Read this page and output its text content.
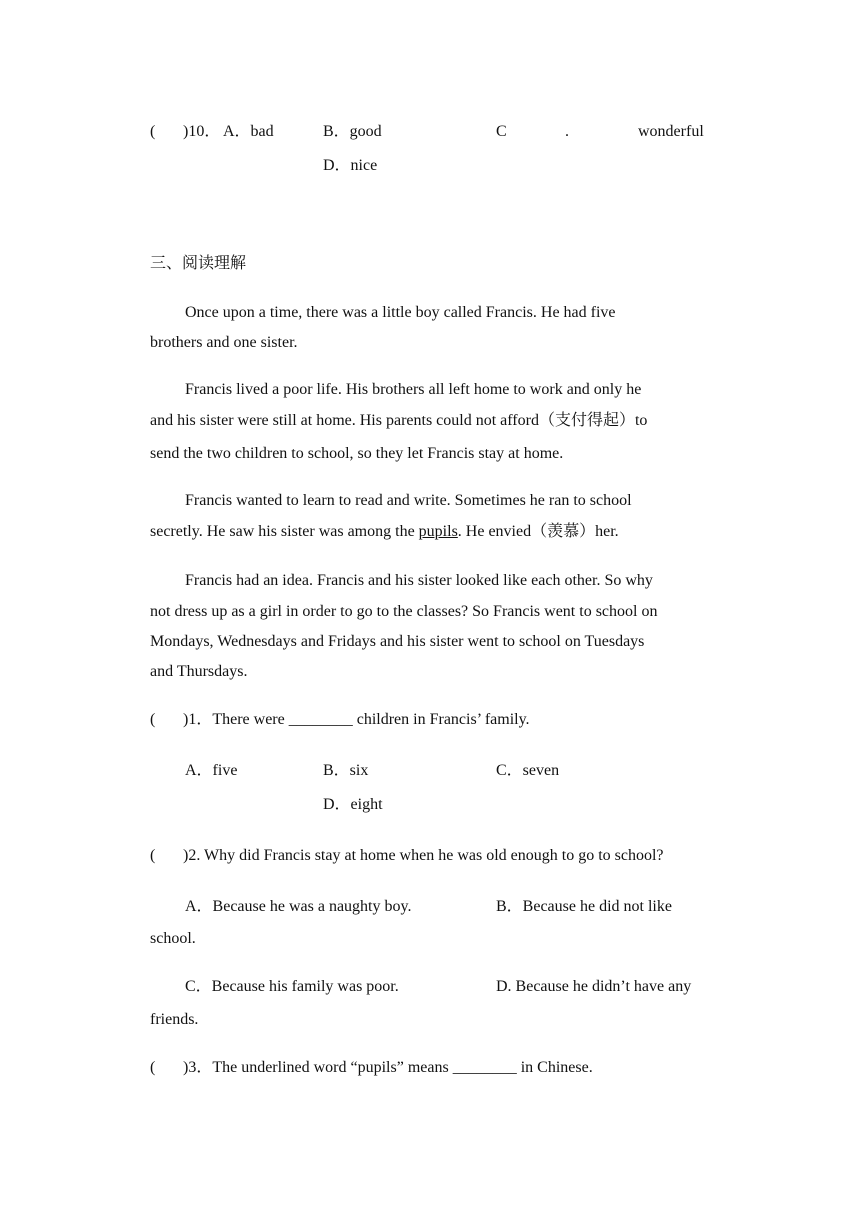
( )10． A．bad	B．good	C	.	wonderful
D．nice
三、阅读理解
Once upon a time, there was a little boy called Francis. He had five
brothers and one sister.
Francis lived a poor life. His brothers all left home to work and only he
and his sister were still at home. His parents could not afford（支付得起）to
send the two children to school, so they let Francis stay at home.
Francis wanted to learn to read and write. Sometimes he ran to school
secretly. He saw his sister was among the pupils. He envied（羡慕）her.
Francis had an idea. Francis and his sister looked like each other. So why
not dress up as a girl in order to go to the classes? So Francis went to school on
Mondays, Wednesdays and Fridays and his sister went to school on Tuesdays
and Thursdays.
( )1．There were ________ children in Francis’ family.
A．five	B．six	C．seven
D．eight
( )2. Why did Francis stay at home when he was old enough to go to school?
A．Because he was a naughty boy.	B．Because he did not like
school.
C．Because his family was poor.	D. Because he didn’t have any
friends.
( )3．The underlined word “pupils” means ________ in Chinese.
